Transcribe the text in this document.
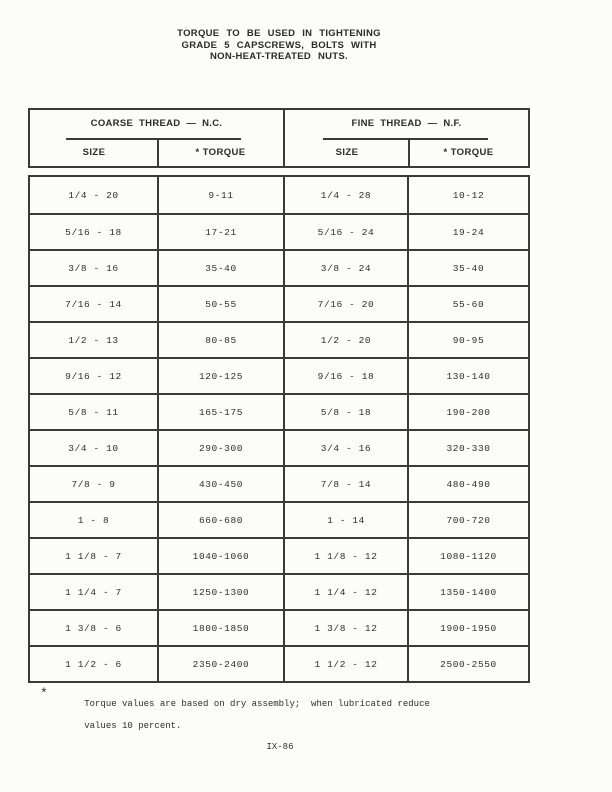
TORQUE TO BE USED IN TIGHTENING
GRADE 5 CAPSCREWS, BOLTS WITH
NON-HEAT-TREATED NUTS.
COARSE THREAD — N.C.
SIZE	* TORQUE
FINE THREAD — N.F.
SIZE	* TORQUE
1/4 - 20	9-11	1/4 - 28	10-12
5/16 - 18	17-21	5/16 - 24	19-24
3/8 - 16	35-40	3/8 - 24	35-40
7/16 - 14	50-55	7/16 - 20	55-60
1/2 - 13	80-85	1/2 - 20	90-95
9/16 - 12	120-125	9/16 - 18	130-140
5/8 - 11	165-175	5/8 - 18	190-200
3/4 - 10	290-300	3/4 - 16	320-330
7/8 - 9	430-450	7/8 - 14	480-490
1 - 8	660-680	1 - 14	700-720
1 1/8 - 7	1040-1060	1 1/8 - 12	1080-1120
1 1/4 - 7	1250-1300	1 1/4 - 12	1350-1400
1 3/8 - 6	1800-1850	1 3/8 - 12	1900-1950
1 1/2 - 6	2350-2400	1 1/2 - 12	2500-2550
*

Torque values are based on dry assembly;  when lubricated reduce

values 10 percent.

IX-86
